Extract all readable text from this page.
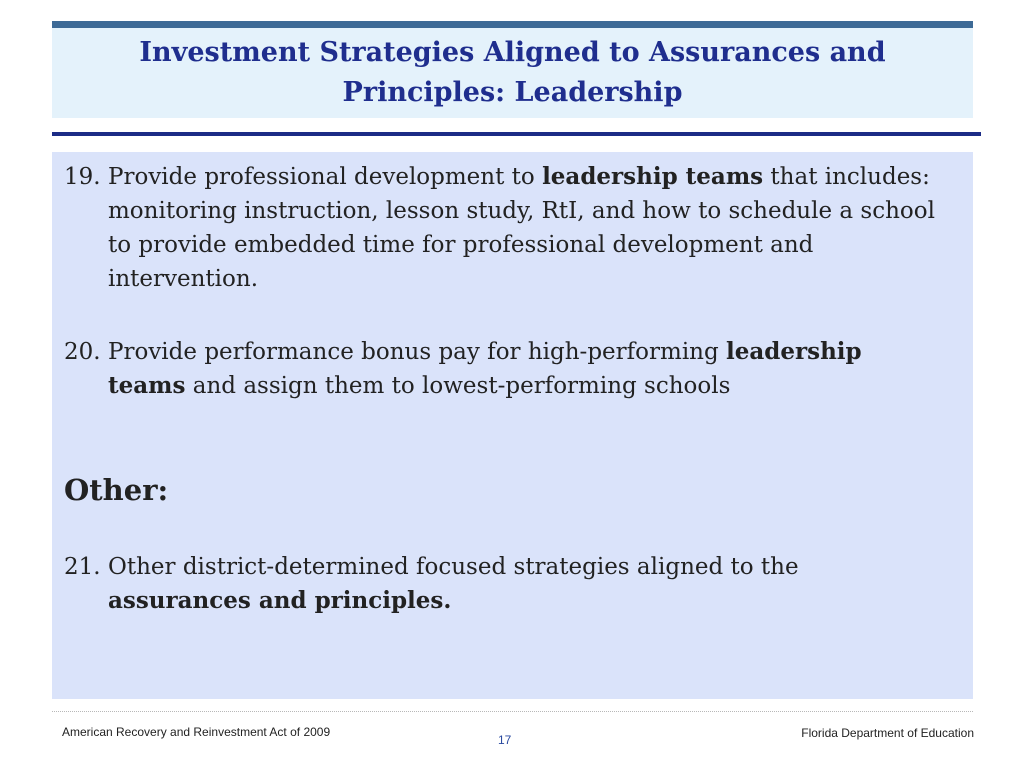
Investment Strategies Aligned to Assurances and Principles: Leadership
19. Provide professional development to leadership teams that includes: monitoring instruction, lesson study, RtI, and how to schedule a school to provide embedded time for professional development and intervention.
20. Provide performance bonus pay for high-performing leadership teams and assign them to lowest-performing schools
Other:
21. Other district-determined focused strategies aligned to the assurances and principles.
American Recovery and Reinvestment Act of 2009
17	Florida Department of Education
